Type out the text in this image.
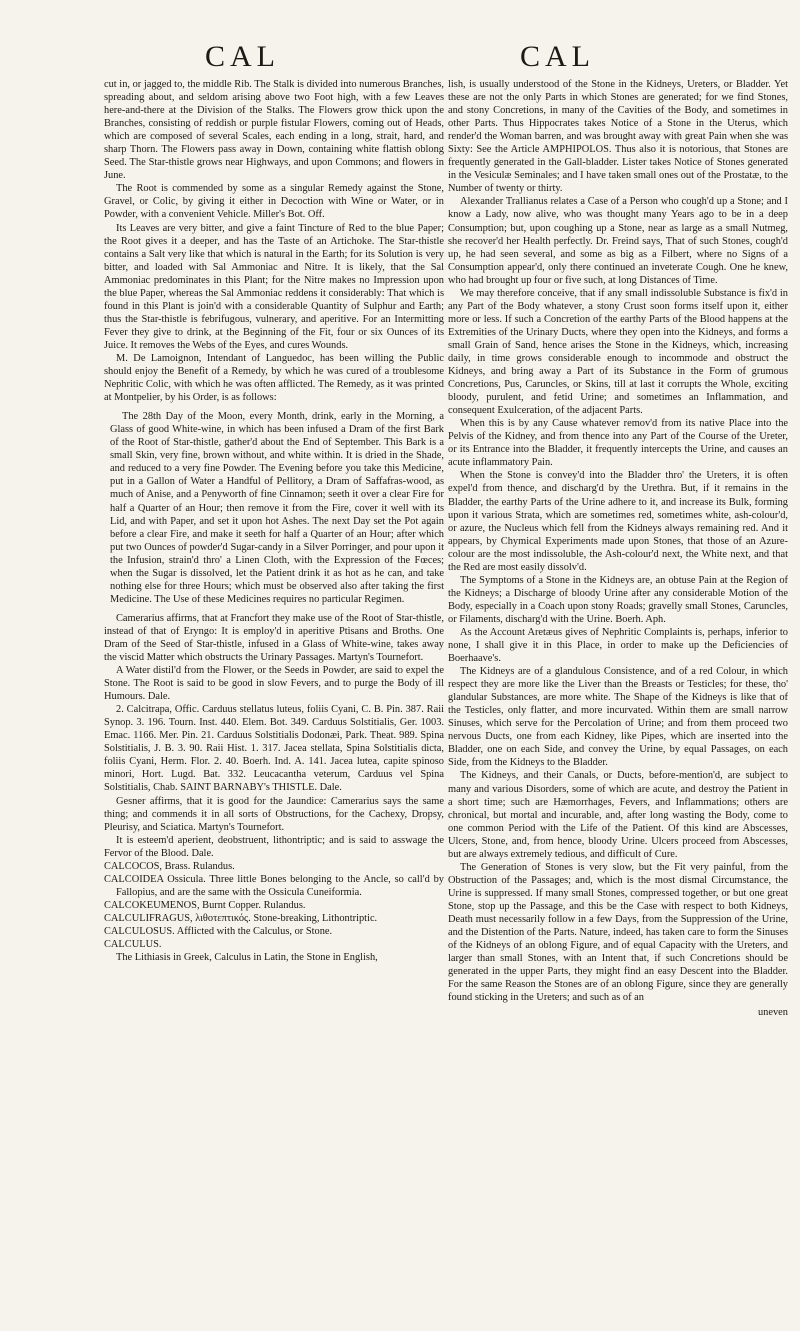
CAL	CAL

cut in, or jagged to, the middle Rib. The Stalk is divided into numerous Branches, spreading about, and seldom arising above two Foot high, with a few Leaves here-and-there at the Division of the Stalks. The Flowers grow thick upon the Branches, consisting of reddish or purple fistular Flowers, coming out of Heads, which are composed of several Scales, each ending in a long, strait, hard, and sharp Thorn. The Flowers pass away in Down, containing white flattish oblong Seed. The Star-thistle grows near Highways, and upon Commons; and flowers in June.

The Root is commended by some as a singular Remedy against the Stone, Gravel, or Colic, by giving it either in Decoction with Wine or Water, or in Powder, with a convenient Vehicle. Miller's Bot. Off.

Its Leaves are very bitter, and give a faint Tincture of Red to the blue Paper; the Root gives it a deeper, and has the Taste of an Artichoke. The Star-thistle contains a Salt very like that which is natural in the Earth; for its Solution is very bitter, and loaded with Sal Ammoniac and Nitre. It is likely, that the Sal Ammoniac predominates in this Plant; for the Nitre makes no Impression upon the blue Paper, whereas the Sal Ammoniac reddens it considerably: That which is found in this Plant is join'd with a considerable Quantity of Sulphur and Earth; thus the Star-thistle is febrifugous, vulnerary, and aperitive. For an Intermitting Fever they give to drink, at the Beginning of the Fit, four or six Ounces of its Juice. It removes the Webs of the Eyes, and cures Wounds.

M. De Lamoignon, Intendant of Languedoc, has been willing the Public should enjoy the Benefit of a Remedy, by which he was cured of a troublesome Nephritic Colic, with which he was often afflicted. The Remedy, as it was printed at Montpelier, by his Order, is as follows:

The 28th Day of the Moon, every Month, drink, early in the Morning, a Glass of good White-wine, in which has been infused a Dram of the first Bark of the Root of Star-thistle, gather'd about the End of September. This Bark is a small Skin, very fine, brown without, and white within. It is dried in the Shade, and reduced to a very fine Powder. The Evening before you take this Medicine, put in a Gallon of Water a Handful of Pellitory, a Dram of Saffafras-wood, as much of Anise, and a Penyworth of fine Cinnamon; seeth it over a clear Fire for half a Quarter of an Hour; then remove it from the Fire, cover it well with its Lid, and with Paper, and set it upon hot Ashes. The next Day set the Pot again before a clear Fire, and make it seeth for half a Quarter of an Hour; after which put two Ounces of powder'd Sugar-candy in a Silver Porringer, and pour upon it the Infusion, strain'd thro' a Linen Cloth, with the Expression of the Fœces; when the Sugar is dissolved, let the Patient drink it as hot as he can, and take nothing else for three Hours; which must be observed also after taking the first Medicine. The Use of these Medicines requires no particular Regimen.

Camerarius affirms, that at Francfort they make use of the Root of Star-thistle, instead of that of Eryngo: It is employ'd in aperitive Ptisans and Broths. One Dram of the Seed of Star-thistle, infused in a Glass of White-wine, takes away the viscid Matter which obstructs the Urinary Passages. Martyn's Tournefort.

A Water distil'd from the Flower, or the Seeds in Powder, are said to expel the Stone. The Root is said to be good in slow Fevers, and to purge the Body of ill Humours. Dale.

2. Calcitrapa, Offic. Carduus stellatus luteus, foliis Cyani, C. B. Pin. 387. Raii Synop. 3. 196. Tourn. Inst. 440. Elem. Bot. 349. Carduus Solstitialis, Ger. 1003. Emac. 1166. Mer. Pin. 21. Carduus Solstitialis Dodonæi, Park. Theat. 989. Spina Solstitialis, J. B. 3. 90. Raii Hist. 1. 317. Jacea stellata, Spina Solstitialis dicta, foliis Cyani, Herm. Flor. 2. 40. Boerh. Ind. A. 141. Jacea lutea, capite spinoso minori, Hort. Lugd. Bat. 332. Leucacantha veterum, Carduus vel Spina Solstitialis, Chab. SAINT BARNABY's THISTLE. Dale.

Gesner affirms, that it is good for the Jaundice: Camerarius says the same thing; and commends it in all sorts of Obstructions, for the Cachexy, Dropsy, Pleurisy, and Sciatica. Martyn's Tournefort.

It is esteem'd aperient, deobstruent, lithontriptic; and is said to asswage the Fervor of the Blood. Dale.

CALCOCOS, Brass. Rulandus.

CALCOIDEA Ossicula. Three little Bones belonging to the Ancle, so call'd by Fallopius, and are the same with the Ossicula Cuneiformia.

CALCOKEUMENOS, Burnt Copper. Rulandus.

CALCULIFRAGUS, λιθοτεπτικός. Stone-breaking, Lithontriptic.

CALCULOSUS. Afflicted with the Calculus, or Stone.

CALCULUS.

The Lithiasis in Greek, Calculus in Latin, the Stone in English,

lish, is usually understood of the Stone in the Kidneys, Ureters, or Bladder. Yet these are not the only Parts in which Stones are generated; for we find Stones, and stony Concretions, in many of the Cavities of the Body, and sometimes in other Parts. Thus Hippocrates takes Notice of a Stone in the Uterus, which render'd the Woman barren, and was brought away with great Pain when she was Sixty: See the Article AMPHIPOLOS. Thus also it is notorious, that Stones are frequently generated in the Gall-bladder. Lister takes Notice of Stones generated in the Vesiculæ Seminales; and I have taken small ones out of the Prostatæ, to the Number of twenty or thirty.

Alexander Trallianus relates a Case of a Person who cough'd up a Stone; and I know a Lady, now alive, who was thought many Years ago to be in a deep Consumption; but, upon coughing up a Stone, near as large as a small Nutmeg, she recover'd her Health perfectly. Dr. Freind says, That of such Stones, cough'd up, he had seen several, and some as big as a Filbert, where no Signs of a Consumption appear'd, only there continued an inveterate Cough. One he knew, who had brought up four or five such, at long Distances of Time.

We may therefore conceive, that if any small indissoluble Substance is fix'd in any Part of the Body whatever, a stony Crust soon forms itself upon it, either more or less. If such a Concretion of the earthy Parts of the Blood happens at the Extremities of the Urinary Ducts, where they open into the Kidneys, and forms a small Grain of Sand, hence arises the Stone in the Kidneys, which, increasing daily, in time grows considerable enough to incommode and obstruct the Kidneys, and bring away a Part of its Substance in the Form of grumous Concretions, Pus, Caruncles, or Skins, till at last it corrupts the Whole, exciting bloody, purulent, and fetid Urine; and sometimes an Inflammation, and consequent Exulceration, of the adjacent Parts.

When this is by any Cause whatever remov'd from its native Place into the Pelvis of the Kidney, and from thence into any Part of the Course of the Ureter, or its Entrance into the Bladder, it frequently intercepts the Urine, and causes an acute inflammatory Pain.

When the Stone is convey'd into the Bladder thro' the Ureters, it is often expel'd from thence, and discharg'd by the Urethra. But, if it remains in the Bladder, the earthy Parts of the Urine adhere to it, and increase its Bulk, forming upon it various Strata, which are sometimes red, sometimes white, ash-colour'd, or azure, the Nucleus which fell from the Kidneys always remaining red. And it appears, by Chymical Experiments made upon Stones, that those of an Azure-colour are the most indissoluble, the Ash-colour'd next, the White next, and that the Red are most easily dissolv'd.

The Symptoms of a Stone in the Kidneys are, an obtuse Pain at the Region of the Kidneys; a Discharge of bloody Urine after any considerable Motion of the Body, especially in a Coach upon stony Roads; gravelly small Stones, Caruncles, or Filaments, discharg'd with the Urine. Boerh. Aph.

As the Account Aretæus gives of Nephritic Complaints is, perhaps, inferior to none, I shall give it in this Place, in order to make up the Deficiencies of Boerhaave's.

The Kidneys are of a glandulous Consistence, and of a red Colour, in which respect they are more like the Liver than the Breasts or Testicles; for these, tho' glandular Substances, are more white. The Shape of the Kidneys is like that of the Testicles, only flatter, and more incurvated. Within them are small narrow Sinuses, which serve for the Percolation of Urine; and from them proceed two nervous Ducts, one from each Kidney, like Pipes, which are inserted into the Bladder, one on each Side, and convey the Urine, by equal Passages, on each Side, from the Kidneys to the Bladder.

The Kidneys, and their Canals, or Ducts, before-mention'd, are subject to many and various Disorders, some of which are acute, and destroy the Patient in a short time; such are Hæmorrhages, Fevers, and Inflammations; others are chronical, but mortal and incurable, and, after long wasting the Body, come to one common Period with the Life of the Patient. Of this kind are Abscesses, Ulcers, Stone, and, from hence, bloody Urine. Ulcers proceed from Abscesses, but are always extremely tedious, and difficult of Cure.

The Generation of Stones is very slow, but the Fit very painful, from the Obstruction of the Passages; and, which is the most dismal Circumstance, the Urine is suppressed. If many small Stones, compressed together, or but one great Stone, stop up the Passage, and this be the Case with respect to both Kidneys, Death must necessarily follow in a few Days, from the Suppression of the Urine, and the Distention of the Parts. Nature, indeed, has taken care to form the Sinuses of the Kidneys of an oblong Figure, and of equal Capacity with the Ureters, and larger than small Stones, with an Intent that, if such Concretions should be generated in the upper Parts, they might find an easy Descent into the Bladder. For the same Reason the Stones are of an oblong Figure, since they are generally found sticking in the Ureters; and such as of an

uneven
